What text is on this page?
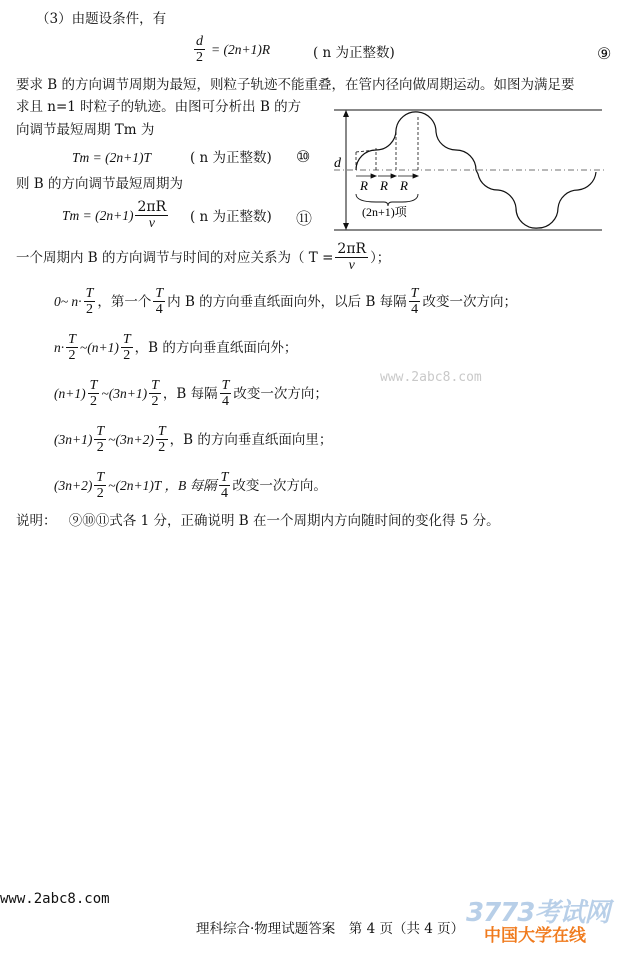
（3）由题设条件，有
$\frac{d}{2} = (2n+1)R$	( n 为正整数)	⑨
要求 B 的方向调节周期为最短，则粒子轨迹不能重叠，在管内径向做周期运动。如图为满足要
求且 n=1 时粒子的轨迹。由图可分析出 B 的方
向调节最短周期 Tm 为
Tm = (2n+1)T	( n 为正整数) ⑩
则 B 的方向调节最短周期为
$Tm = (2n+1) \frac{2\pi R}{v}$ ( n 为正整数) ⑪
d
R R R
(2n+1)项
一个周期内 B 的方向调节与时间的对应关系为（ $T = \frac{2\pi R}{v}$ ）；
0~ $n\cdot \frac{T}{2}$ ，第一个 $\frac{T}{4}$ 内 B 的方向垂直纸面向外，以后 B 每隔 $\frac{T}{4}$ 改变一次方向；
$n\cdot \frac{T}{2}$ ~(n+1) $\frac{T}{2}$ ，B 的方向垂直纸面向外；
www.2abc8.com
$(n+1) \frac{T}{2}$ ~(3n+1) $\frac{T}{2}$ ，B 每隔 $\frac{T}{4}$ 改变一次方向；
$(3n+1) \frac{T}{2}$ ~(3n+2) $\frac{T}{2}$ ，B 的方向垂直纸面向里；
$(3n+2) \frac{T}{2}$ ~(2n+1)T ，B 每隔 $\frac{T}{4}$ 改变一次方向。
说明： ⑨⑩⑪式各 1 分，正确说明 B 在一个周期内方向随时间的变化得 5 分。
www.2abc8.com	3773考试网
理科综合·物理试题答案　第 4 页（共 4 页） 中国大学在线
